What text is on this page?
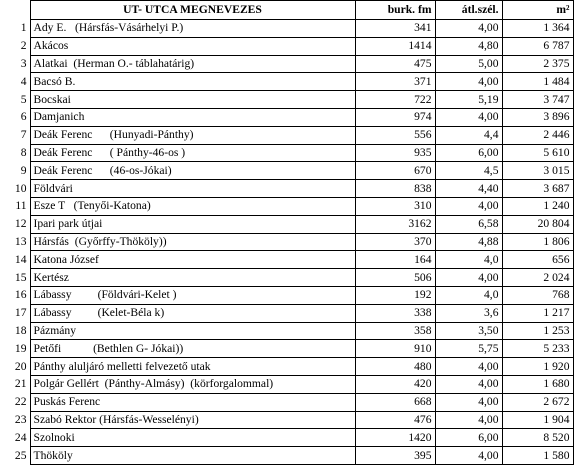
	UT- UTCA MEGNEVEZES	burk. fm	átl.szél.	m²
1	Ady E.   (Hársfás-Vásárhelyi P.)	341	4,00	1 364
2	Akácos	1414	4,80	6 787
3	Alatkai  (Herman O.- táblahatárig)	475	5,00	2 375
4	Bacsó B.	371	4,00	1 484
5	Bocskai	722	5,19	3 747
6	Damjanich	974	4,00	3 896
7	Deák Ferenc      (Hunyadi-Pánthy)	556	4,4	2 446
8	Deák Ferenc      ( Pánthy-46-os )	935	6,00	5 610
9	Deák Ferenc      (46-os-Jókai)	670	4,5	3 015
10	Földvári	838	4,40	3 687
11	Esze T   (Tenyői-Katona)	310	4,00	1 240
12	Ipari park útjai	3162	6,58	20 804
13	Hársfás  (Győrffy-Thököly))	370	4,88	1 806
14	Katona József	164	4,0	656
15	Kertész	506	4,00	2 024
16	Lábassy         (Földvári-Kelet )	192	4,0	768
17	Lábassy         (Kelet-Béla k)	338	3,6	1 217
18	Pázmány	358	3,50	1 253
19	Petőfi           (Bethlen G- Jókai))	910	5,75	5 233
20	Pánthy aluljáró melletti felvezető utak	480	4,00	1 920
21	Polgár Gellért  (Pánthy-Almásy)  (körforgalommal)	420	4,00	1 680
22	Puskás Ferenc	668	4,00	2 672
23	Szabó Rektor (Hársfás-Wesselényi)	476	4,00	1 904
24	Szolnoki	1420	6,00	8 520
25	Thököly	395	4,00	1 580
